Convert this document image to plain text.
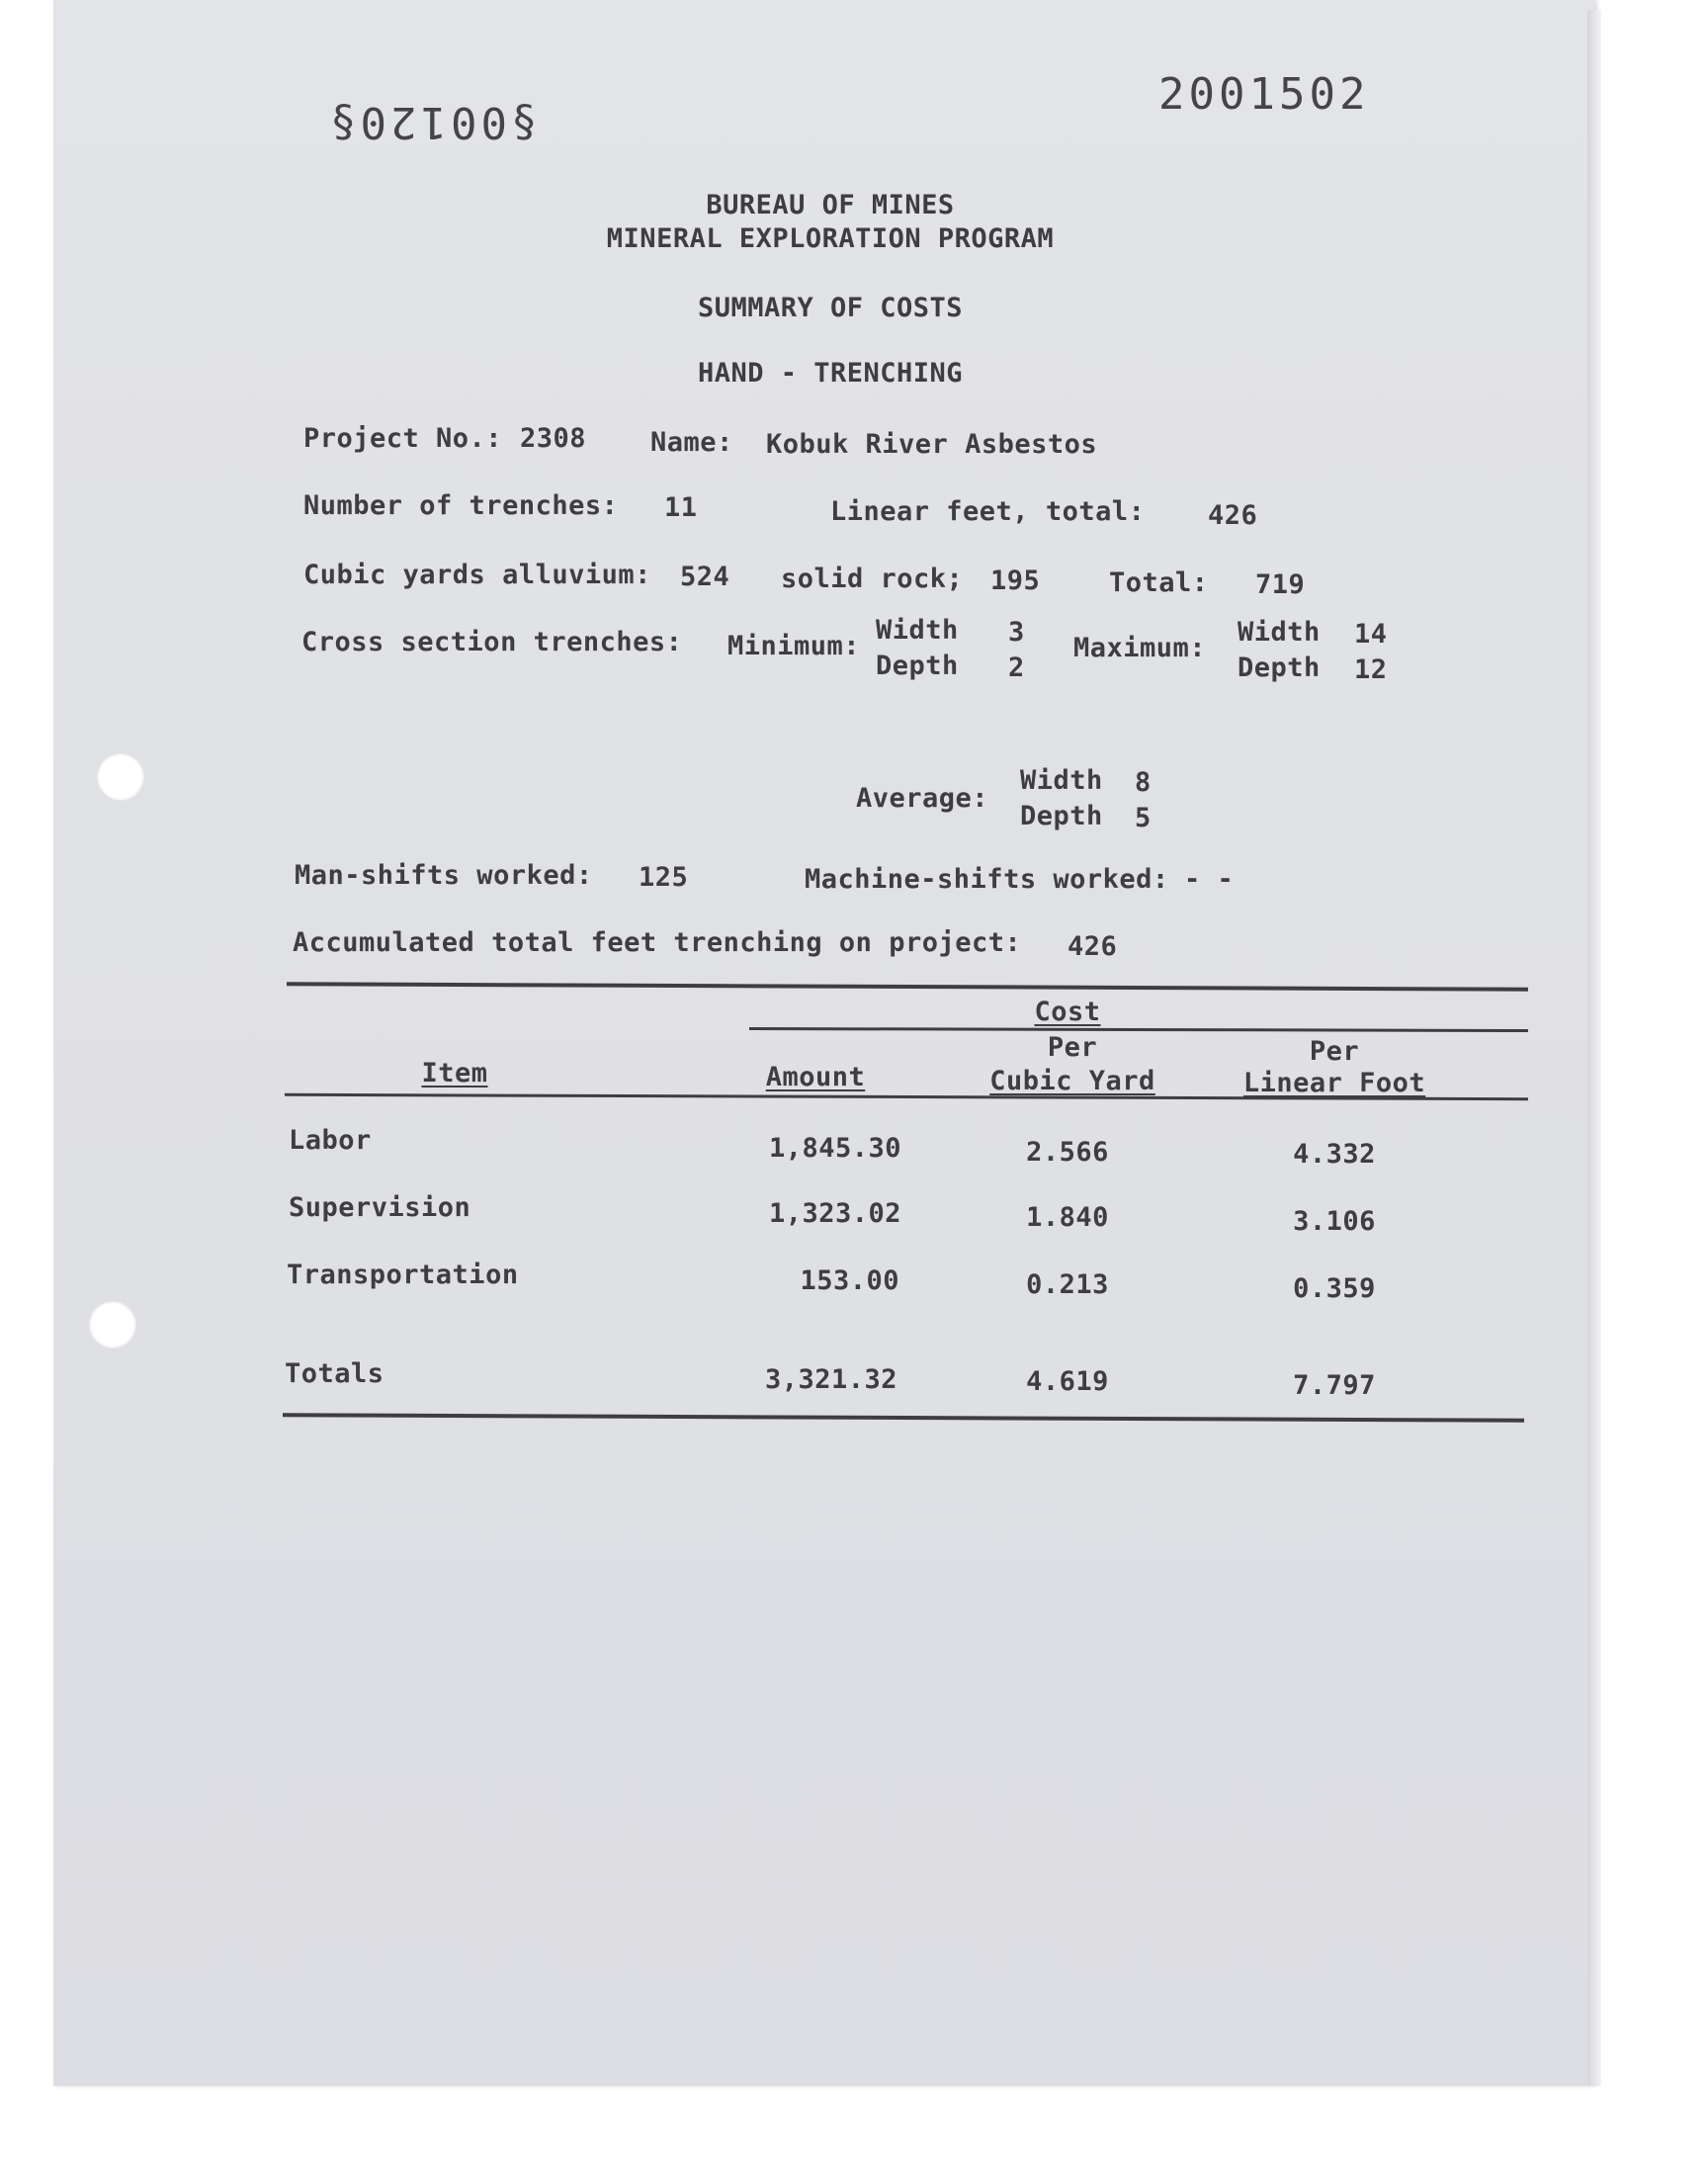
§00120§
2001502
BUREAU OF MINES
MINERAL EXPLORATION PROGRAM
SUMMARY OF COSTS
HAND - TRENCHING
Project No.: 2308 Name: Kobuk River Asbestos
Number of trenches: 11	Linear feet, total: 426
Cubic yards alluvium: 524 solid rock; 195	Total: 719
Cross section trenches: Minimum:
Width 3
Depth 2
Maximum:
Width 14
Depth 12
Average:
Width 8
Depth 5
Man-shifts worked: 125	Machine-shifts worked: - -
Accumulated total feet trenching on project: 426
Cost
Item	Amount
Per
Cubic Yard
Per
Linear Foot
Labor	1,845.30	2.566	4.332
Supervision	1,323.02	1.840	3.106
Transportation	153.00	0.213	0.359
Totals	3,321.32	4.619	7.797
